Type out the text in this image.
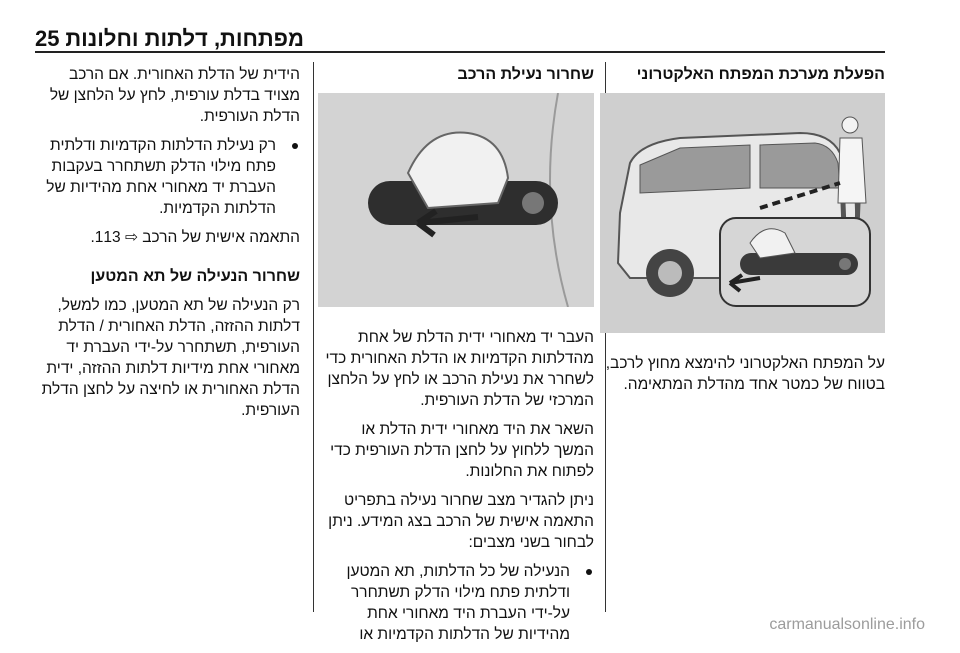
25 מפתחות, דלתות וחלונות
הפעלת מערכת המפתח האלקטרוני

על המפתח האלקטרוני להימצא מחוץ לרכב, בטווח של כמטר אחד מהדלת המתאימה.

שחרור נעילת הרכב

העבר יד מאחורי ידית הדלת של אחת מהדלתות הקדמיות או הדלת האחורית כדי לשחרר את נעילת הרכב או לחץ על הלחצן המרכזי של הדלת העורפית.

השאר את היד מאחורי ידית הדלת או המשך ללחוץ על לחצן הדלת העורפית כדי לפתוח את החלונות.

ניתן להגדיר מצב שחרור נעילה בתפריט התאמה אישית של הרכב בצג המידע. ניתן לבחור בשני מצבים:

הנעילה של כל הדלתות, תא המטען ודלתית פתח מילוי הדלק תשתחרר על-ידי העברת היד מאחורי אחת מהידיות של הדלתות הקדמיות או

הידית של הדלת האחורית. אם הרכב מצויד בדלת עורפית, לחץ על הלחצן של הדלת העורפית.

רק נעילת הדלתות הקדמיות ודלתית פתח מילוי הדלק תשתחרר בעקבות העברת יד מאחורי אחת מהידיות של הדלתות הקדמיות.

התאמה אישית של הרכב ⇨ 113.

שחרור הנעילה של תא המטען

רק הנעילה של תא המטען, כמו למשל, דלתות ההזזה, הדלת האחורית / הדלת העורפית, תשתחרר על-ידי העברת יד מאחורי אחת מידיות דלתות ההזזה, ידית הדלת האחורית או לחיצה על לחצן הדלת העורפית.

carmanualsonline.info
